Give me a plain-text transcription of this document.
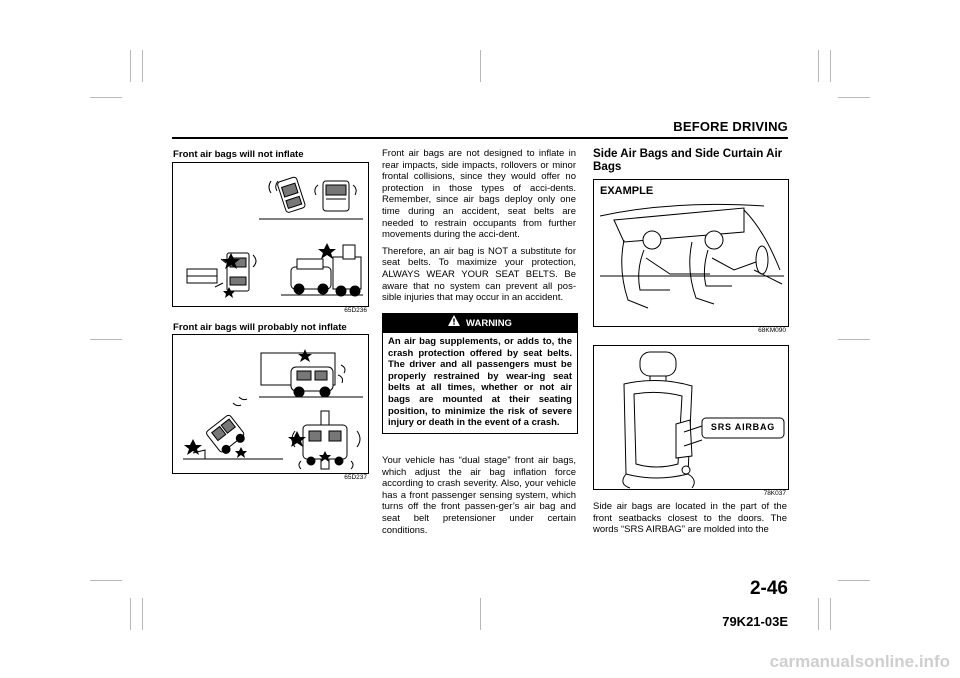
BEFORE DRIVING
Front air bags will not inflate
65D236
Front air bags will probably not inflate
65D237

Front air bags are not designed to inflate in rear impacts, side impacts, rollovers or minor frontal collisions, since they would offer no protection in those types of acci-dents. Remember, since air bags deploy only one time during an accident, seat belts are needed to restrain occupants from further movements during the acci-dent.

Therefore, an air bag is NOT a substitute for seat belts. To maximize your protection, ALWAYS WEAR YOUR SEAT BELTS. Be aware that no system can prevent all pos-sible injuries that may occur in an accident.

WARNING
An air bag supplements, or adds to, the crash protection offered by seat belts. The driver and all passengers must be properly restrained by wear-ing seat belts at all times, whether or not air bags are mounted at their seating position, to minimize the risk of severe injury or death in the event of a crash.

Your vehicle has “dual stage” front air bags, which adjust the air bag inflation force according to crash severity. Also, your vehicle has a front passenger sensing system, which turns off the front passen-ger’s air bag and seat belt pretensioner under certain conditions.

Side Air Bags and Side Curtain Air Bags
EXAMPLE
68KM090
SRS AIRBAG
78K037

Side air bags are located in the part of the front seatbacks closest to the doors. The words “SRS AIRBAG” are molded into the

2-46
79K21-03E
carmanualsonline.info
